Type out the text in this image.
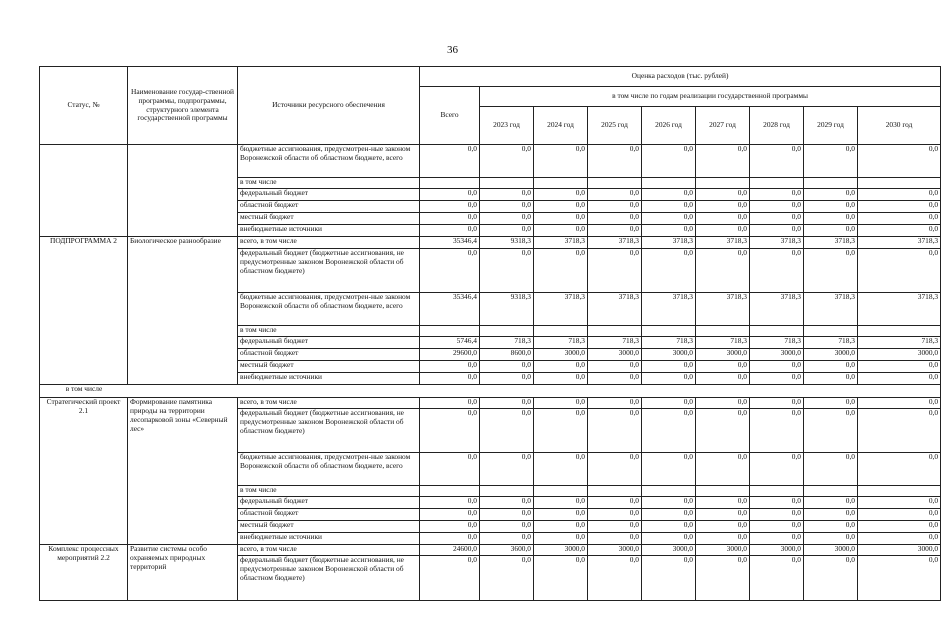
36
Статус, №	Наименование государ-ственной программы, подпрограммы, структурного элемента государственной программы	Источники ресурсного обеспечения	Оценка расходов (тыс. рублей)								
			Всего	в том числе по годам реализации государственной программы							
				2023 год	2024 год	2025 год	2026 год	2027 год	2028 год	2029 год	2030 год
		бюджетные ассигнования, предусмотрен-ные законом Воронежской области об областном бюджете, всего	0,0	0,0	0,0	0,0	0,0	0,0	0,0	0,0	0,0
		в том числе									
		федеральный бюджет	0,0	0,0	0,0	0,0	0,0	0,0	0,0	0,0	0,0
		областной бюджет	0,0	0,0	0,0	0,0	0,0	0,0	0,0	0,0	0,0
		местный бюджет	0,0	0,0	0,0	0,0	0,0	0,0	0,0	0,0	0,0
		внебюджетные источники	0,0	0,0	0,0	0,0	0,0	0,0	0,0	0,0	0,0
ПОДПРОГРАММА 2	Биологическое разнообразие	всего, в том числе	35346,4	9318,3	3718,3	3718,3	3718,3	3718,3	3718,3	3718,3	3718,3
		федеральный бюджет (бюджетные ассигнования, не предусмотренные законом Воронежской области об областном бюджете)	0,0	0,0	0,0	0,0	0,0	0,0	0,0	0,0	0,0
		бюджетные ассигнования, предусмотрен-ные законом Воронежской области об областном бюджете, всего	35346,4	9318,3	3718,3	3718,3	3718,3	3718,3	3718,3	3718,3	3718,3
		в том числе									
		федеральный бюджет	5746,4	718,3	718,3	718,3	718,3	718,3	718,3	718,3	718,3
		областной бюджет	29600,0	8600,0	3000,0	3000,0	3000,0	3000,0	3000,0	3000,0	3000,0
		местный бюджет	0,0	0,0	0,0	0,0	0,0	0,0	0,0	0,0	0,0
		внебюджетные источники	0,0	0,0	0,0	0,0	0,0	0,0	0,0	0,0	0,0
в том числе											
Стратегический проект 2.1	Формирование памятника природы на территории лесопарковой зоны «Северный лес»	всего, в том числе	0,0	0,0	0,0	0,0	0,0	0,0	0,0	0,0	0,0
		федеральный бюджет (бюджетные ассигнования, не предусмотренные законом Воронежской области об областном бюджете)	0,0	0,0	0,0	0,0	0,0	0,0	0,0	0,0	0,0
		бюджетные ассигнования, предусмотрен-ные законом Воронежской области об областном бюджете, всего	0,0	0,0	0,0	0,0	0,0	0,0	0,0	0,0	0,0
		в том числе									
		федеральный бюджет	0,0	0,0	0,0	0,0	0,0	0,0	0,0	0,0	0,0
		областной бюджет	0,0	0,0	0,0	0,0	0,0	0,0	0,0	0,0	0,0
		местный бюджет	0,0	0,0	0,0	0,0	0,0	0,0	0,0	0,0	0,0
		внебюджетные источники	0,0	0,0	0,0	0,0	0,0	0,0	0,0	0,0	0,0
Комплекс процессных мероприятий 2.2	Развитие системы особо охраняемых природных территорий	всего, в том числе	24600,0	3600,0	3000,0	3000,0	3000,0	3000,0	3000,0	3000,0	3000,0
		федеральный бюджет (бюджетные ассигнования, не предусмотренные законом Воронежской области об областном бюджете)	0,0	0,0	0,0	0,0	0,0	0,0	0,0	0,0	0,0
